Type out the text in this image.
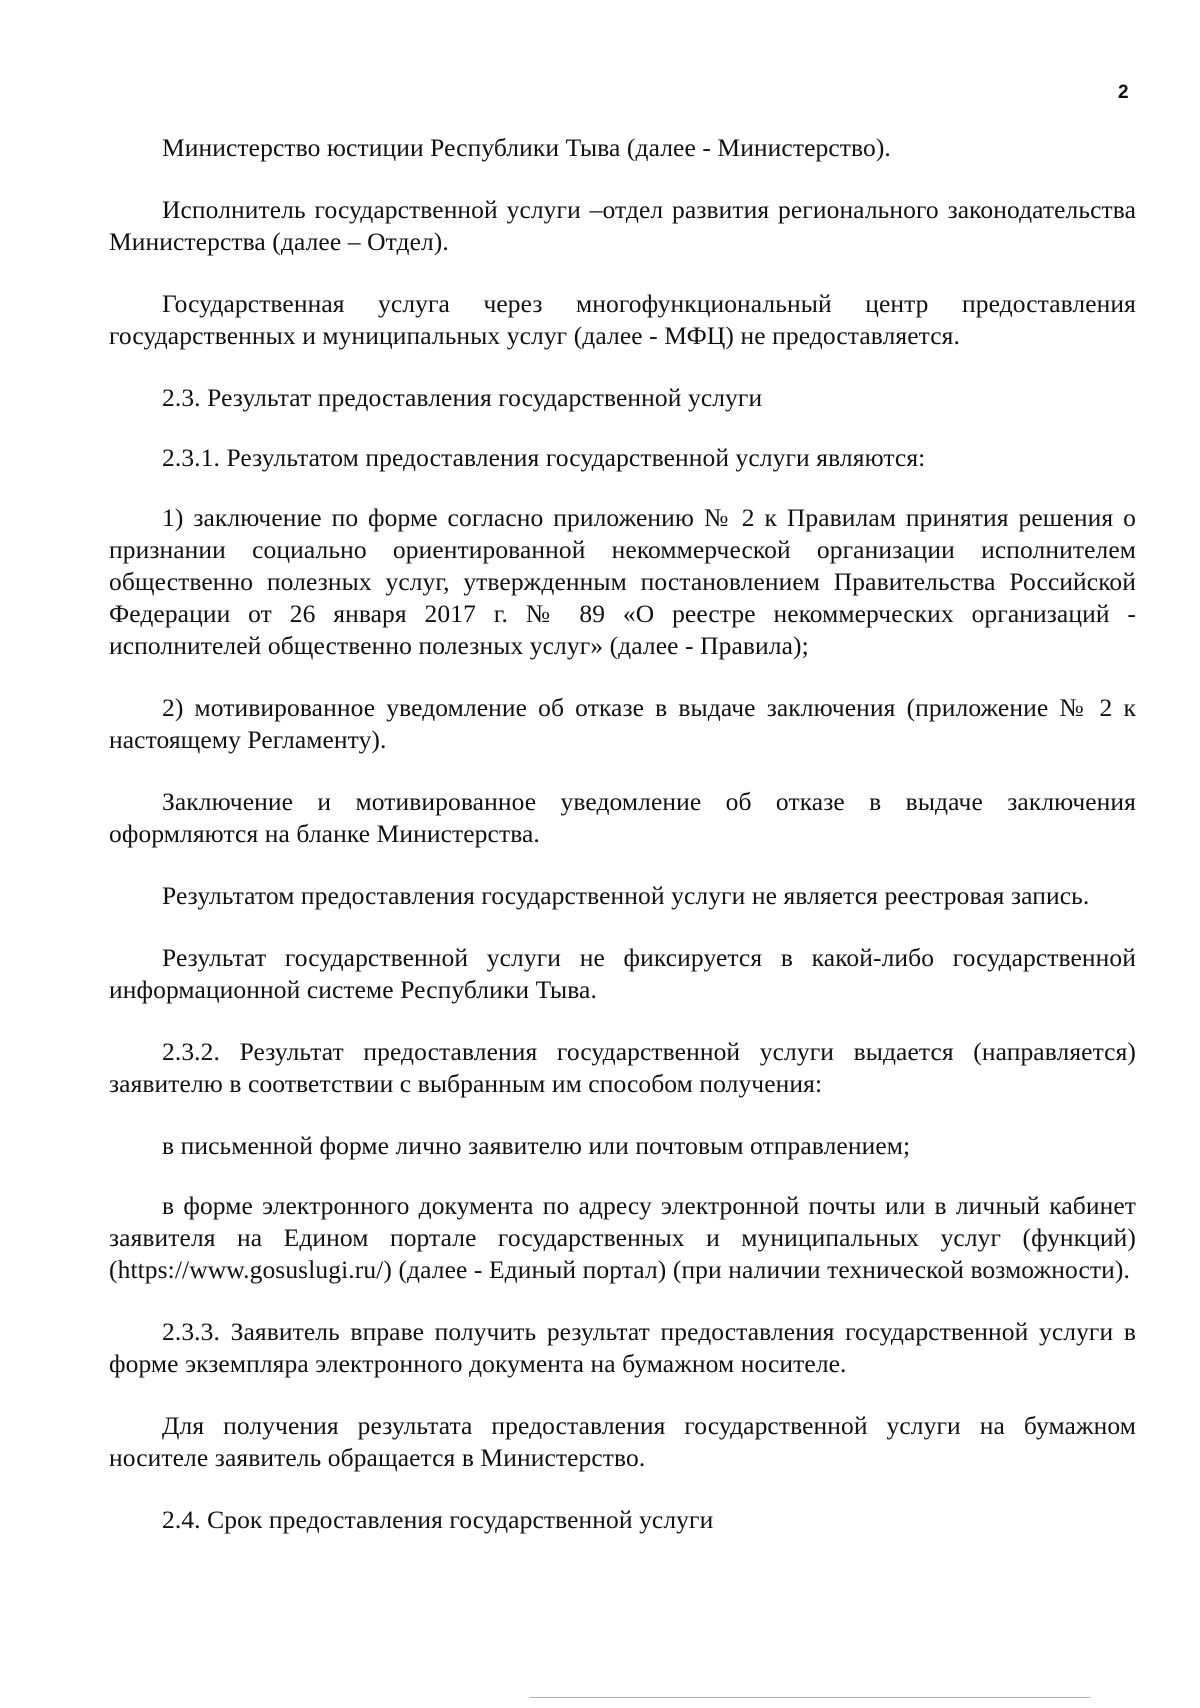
2

Министерство юстиции Республики Тыва (далее - Министерство).

Исполнитель государственной услуги –отдел развития регионального законодательства Министерства (далее – Отдел).

Государственная услуга через многофункциональный центр предоставления государственных и муниципальных услуг (далее - МФЦ) не предоставляется.

2.3. Результат предоставления государственной услуги

2.3.1. Результатом предоставления государственной услуги являются:

1) заключение по форме согласно приложению № 2 к Правилам принятия решения о признании социально ориентированной некоммерческой организации исполнителем общественно полезных услуг, утвержденным постановлением Правительства Российской Федерации от 26 января 2017 г. № 89 «О реестре некоммерческих организаций - исполнителей общественно полезных услуг» (далее - Правила);

2) мотивированное уведомление об отказе в выдаче заключения (приложение № 2 к настоящему Регламенту).

Заключение и мотивированное уведомление об отказе в выдаче заключения оформляются на бланке Министерства.

Результатом предоставления государственной услуги не является реестровая запись.

Результат государственной услуги не фиксируется в какой-либо государственной информационной системе Республики Тыва.

2.3.2. Результат предоставления государственной услуги выдается (направляется) заявителю в соответствии с выбранным им способом получения:

в письменной форме лично заявителю или почтовым отправлением;

в форме электронного документа по адресу электронной почты или в личный кабинет заявителя на Едином портале государственных и муниципальных услуг (функций) (https://www.gosuslugi.ru/) (далее - Единый портал) (при наличии технической возможности).

2.3.3. Заявитель вправе получить результат предоставления государственной услуги в форме экземпляра электронного документа на бумажном носителе.

Для получения результата предоставления государственной услуги на бумажном носителе заявитель обращается в Министерство.

2.4. Срок предоставления государственной услуги
